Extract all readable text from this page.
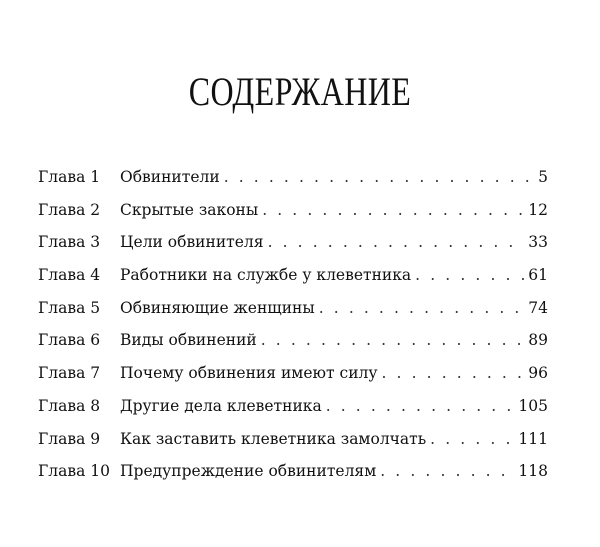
СОДЕРЖАНИЕ
Глава 1	Обвинители . . .	5
Глава 2	Скрытые законы . . .	12
Глава 3	Цели обвинителя . . .	33
Глава 4	Работники на службе у клеветника . . .	61
Глава 5	Обвиняющие женщины . . .	74
Глава 6	Виды обвинений . . .	89
Глава 7	Почему обвинения имеют силу . . .	96
Глава 8	Другие дела клеветника . . .	105
Глава 9	Как заставить клеветника замолчать . . .	111
Глава 10 Предупреждение обвинителям . . .	118
